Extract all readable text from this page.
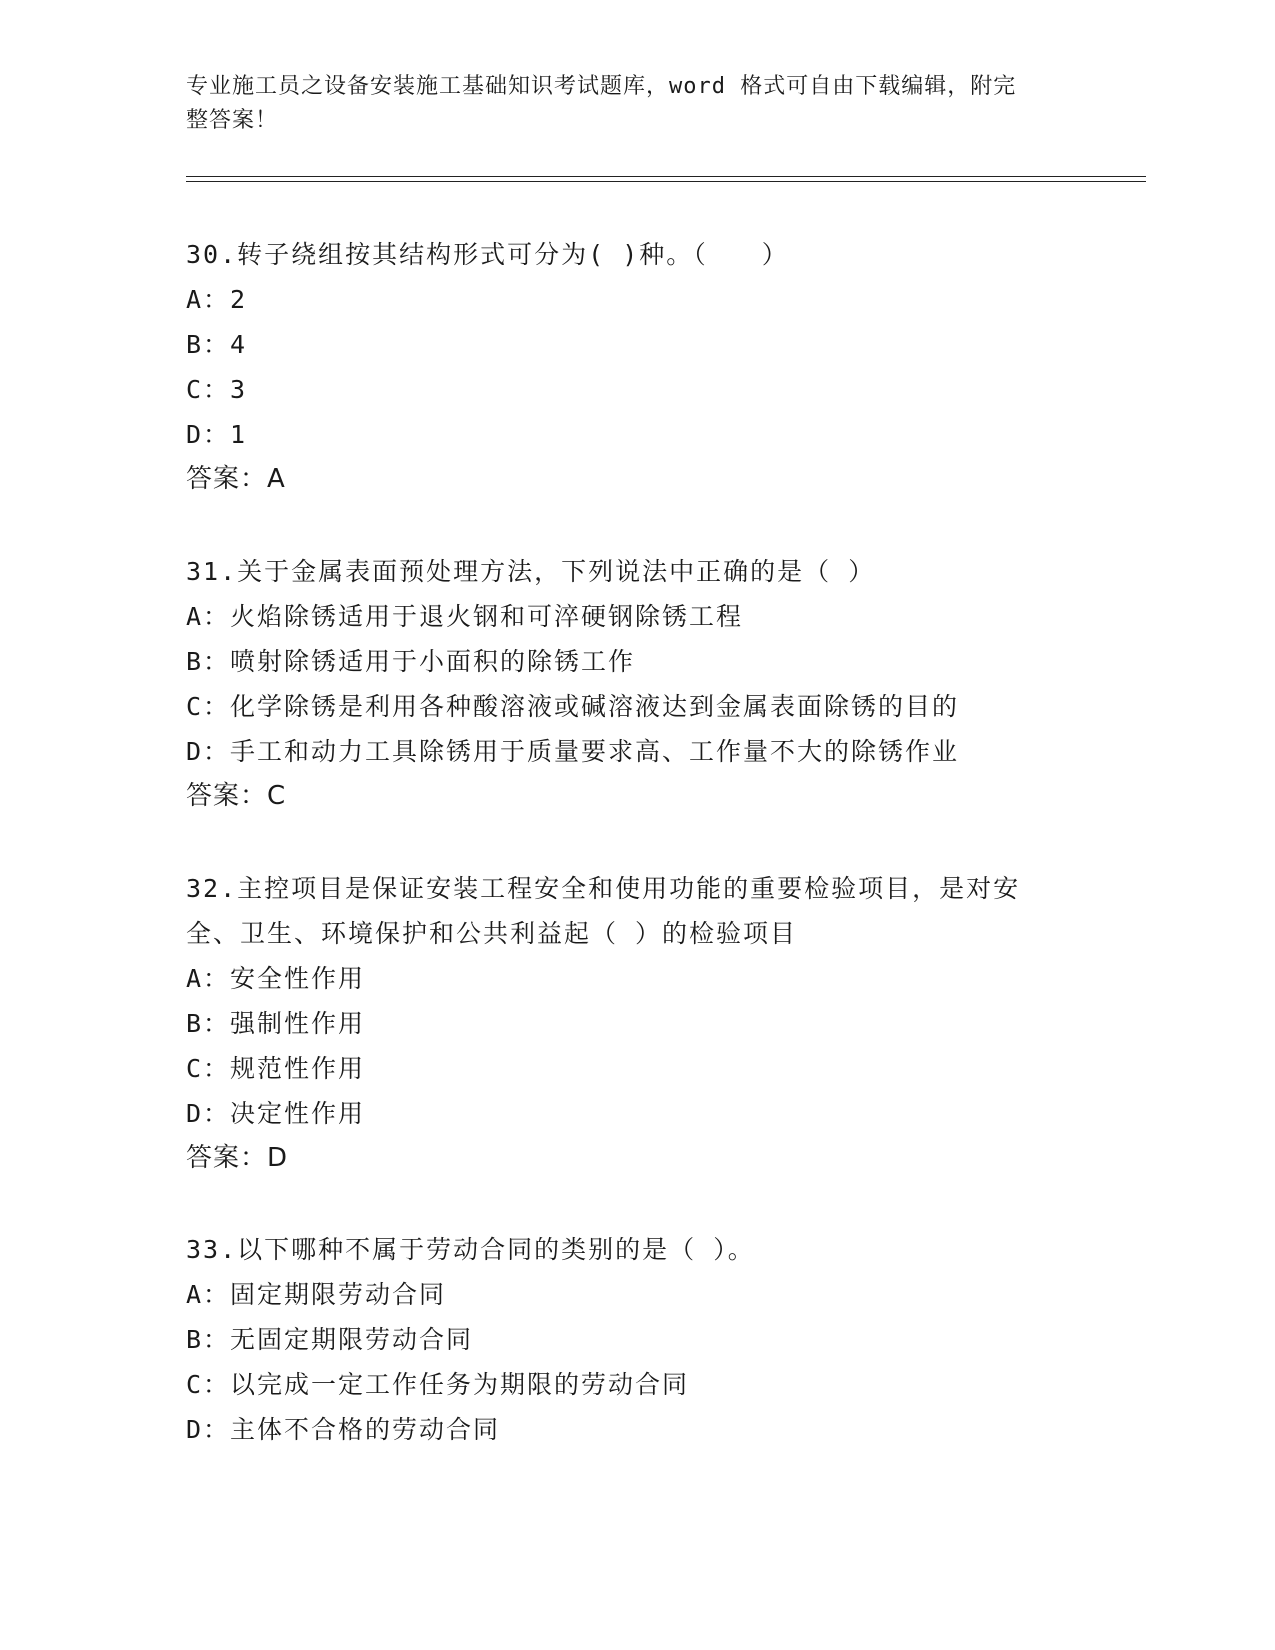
专业施工员之设备安装施工基础知识考试题库，word 格式可自由下载编辑，附完
整答案！
30.转子绕组按其结构形式可分为( )种。（　　）
A：2
B：4
C：3
D：1
答案：A
31.关于金属表面预处理方法，下列说法中正确的是（ ）
A：火焰除锈适用于退火钢和可淬硬钢除锈工程
B：喷射除锈适用于小面积的除锈工作
C：化学除锈是利用各种酸溶液或碱溶液达到金属表面除锈的目的
D：手工和动力工具除锈用于质量要求高、工作量不大的除锈作业
答案：C
32.主控项目是保证安装工程安全和使用功能的重要检验项目，是对安
全、卫生、环境保护和公共利益起（ ）的检验项目
A：安全性作用
B：强制性作用
C：规范性作用
D：决定性作用
答案：D
33.以下哪种不属于劳动合同的类别的是（ ）。
A：固定期限劳动合同
B：无固定期限劳动合同
C：以完成一定工作任务为期限的劳动合同
D：主体不合格的劳动合同
